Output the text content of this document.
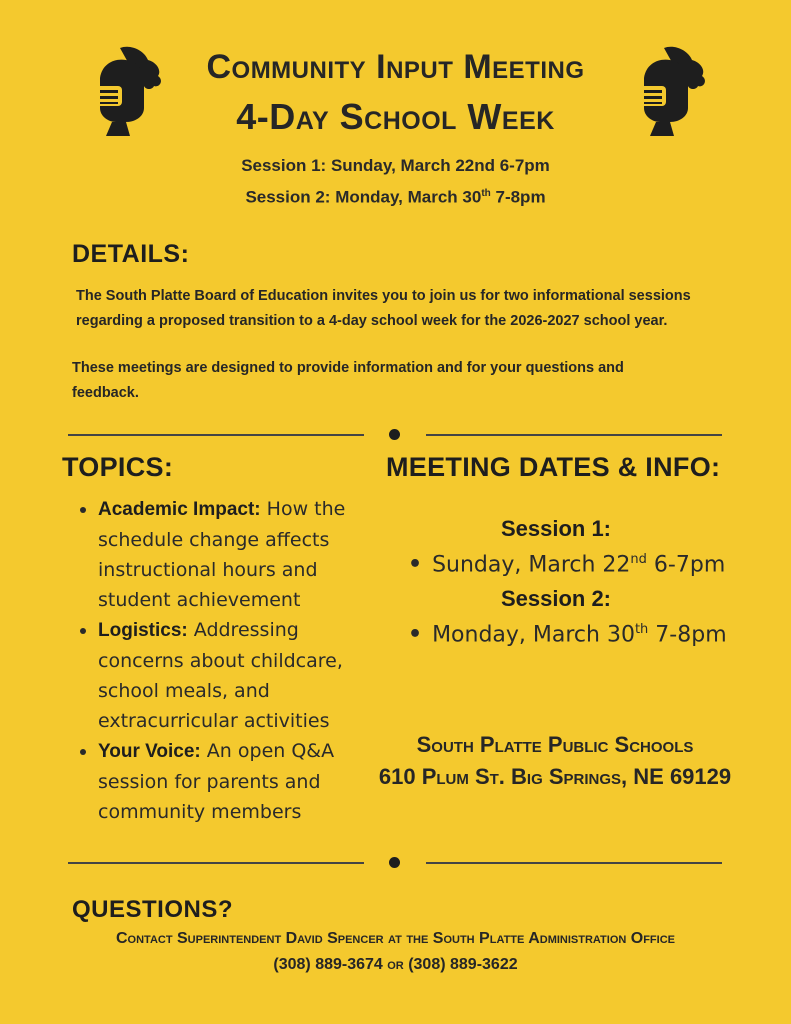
Community Input Meeting
4-Day School Week
Session 1: Sunday, March 22nd 6-7pm
Session 2: Monday, March 30th 7-8pm
DETAILS:
The South Platte Board of Education invites you to join us for two informational sessions regarding a proposed transition to a 4-day school week for the 2026-2027 school year.
These meetings are designed to provide information and for your questions and feedback.
TOPICS:
• Academic Impact: How the schedule change affects instructional hours and student achievement
• Logistics: Addressing concerns about childcare, school meals, and extracurricular activities
• Your Voice: An open Q&A session for parents and community members
MEETING DATES & INFO:
Session 1:
• Sunday, March 22nd 6-7pm
Session 2:
• Monday, March 30th 7-8pm
South Platte Public Schools
610 Plum St. Big Springs, NE 69129
QUESTIONS?
Contact Superintendent David Spencer at the South Platte Administration Office
(308) 889-3674 or (308) 889-3622
